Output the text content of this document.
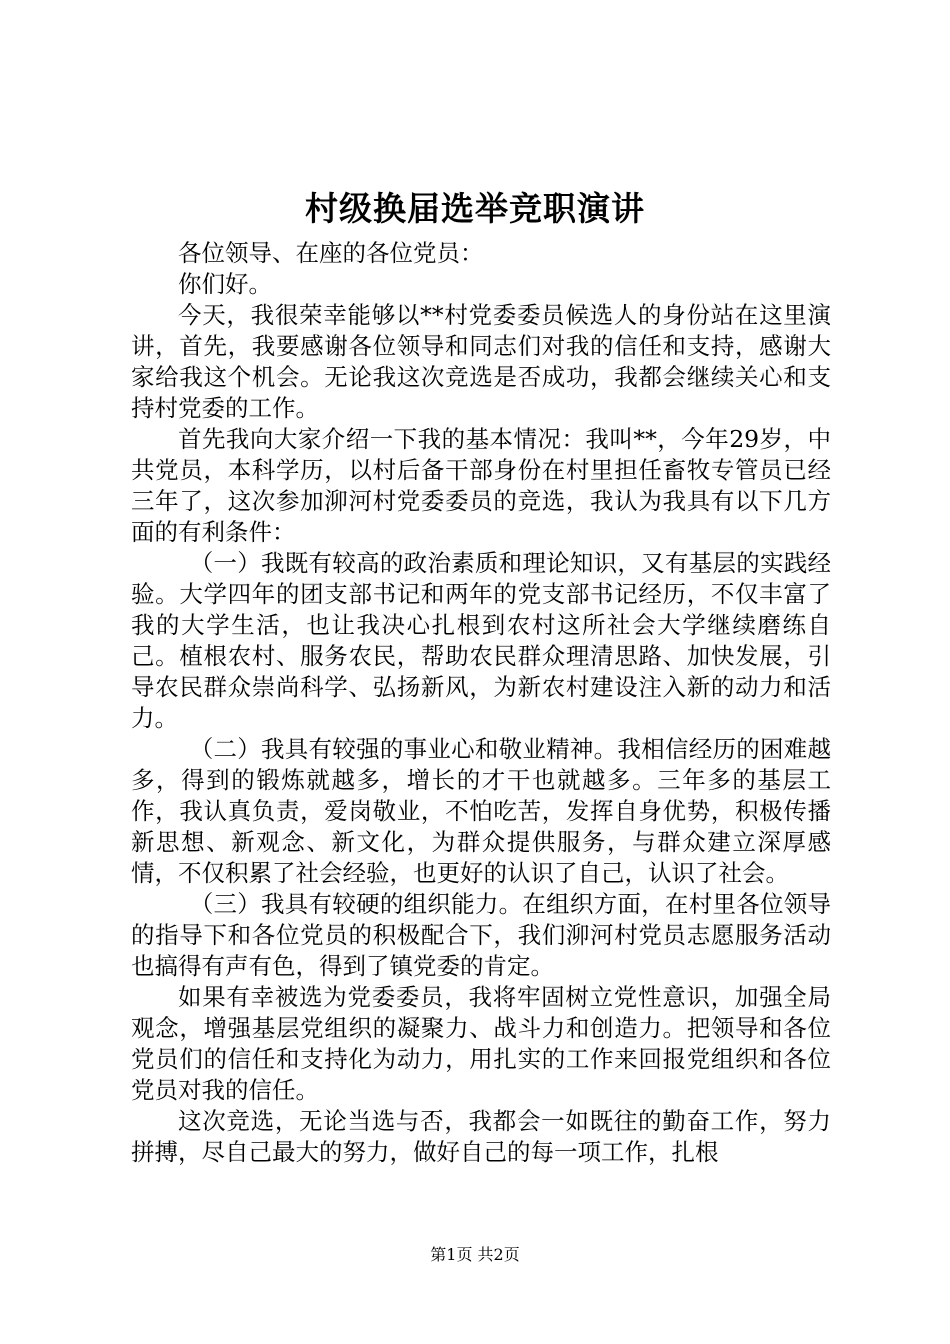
村级换届选举竞职演讲

各位领导、在座的各位党员：

你们好。

今天，我很荣幸能够以**村党委委员候选人的身份站在这里演讲，首先，我要感谢各位领导和同志们对我的信任和支持，感谢大家给我这个机会。无论我这次竞选是否成功，我都会继续关心和支持村党委的工作。

首先我向大家介绍一下我的基本情况：我叫**，今年29岁，中共党员，本科学历，以村后备干部身份在村里担任畜牧专管员已经三年了，这次参加泖河村党委委员的竞选，我认为我具有以下几方面的有利条件：

（一）我既有较高的政治素质和理论知识，又有基层的实践经验。大学四年的团支部书记和两年的党支部书记经历，不仅丰富了我的大学生活，也让我决心扎根到农村这所社会大学继续磨练自己。植根农村、服务农民，帮助农民群众理清思路、加快发展，引导农民群众崇尚科学、弘扬新风，为新农村建设注入新的动力和活力。

（二）我具有较强的事业心和敬业精神。我相信经历的困难越多，得到的锻炼就越多，增长的才干也就越多。三年多的基层工作，我认真负责，爱岗敬业，不怕吃苦，发挥自身优势，积极传播新思想、新观念、新文化，为群众提供服务，与群众建立深厚感情，不仅积累了社会经验，也更好的认识了自己，认识了社会。

（三）我具有较硬的组织能力。在组织方面，在村里各位领导的指导下和各位党员的积极配合下，我们泖河村党员志愿服务活动也搞得有声有色，得到了镇党委的肯定。

如果有幸被选为党委委员，我将牢固树立党性意识，加强全局观念，增强基层党组织的凝聚力、战斗力和创造力。把领导和各位党员们的信任和支持化为动力，用扎实的工作来回报党组织和各位党员对我的信任。

这次竞选，无论当选与否，我都会一如既往的勤奋工作，努力拼搏，尽自己最大的努力，做好自己的每一项工作，扎根

第1页 共2页
